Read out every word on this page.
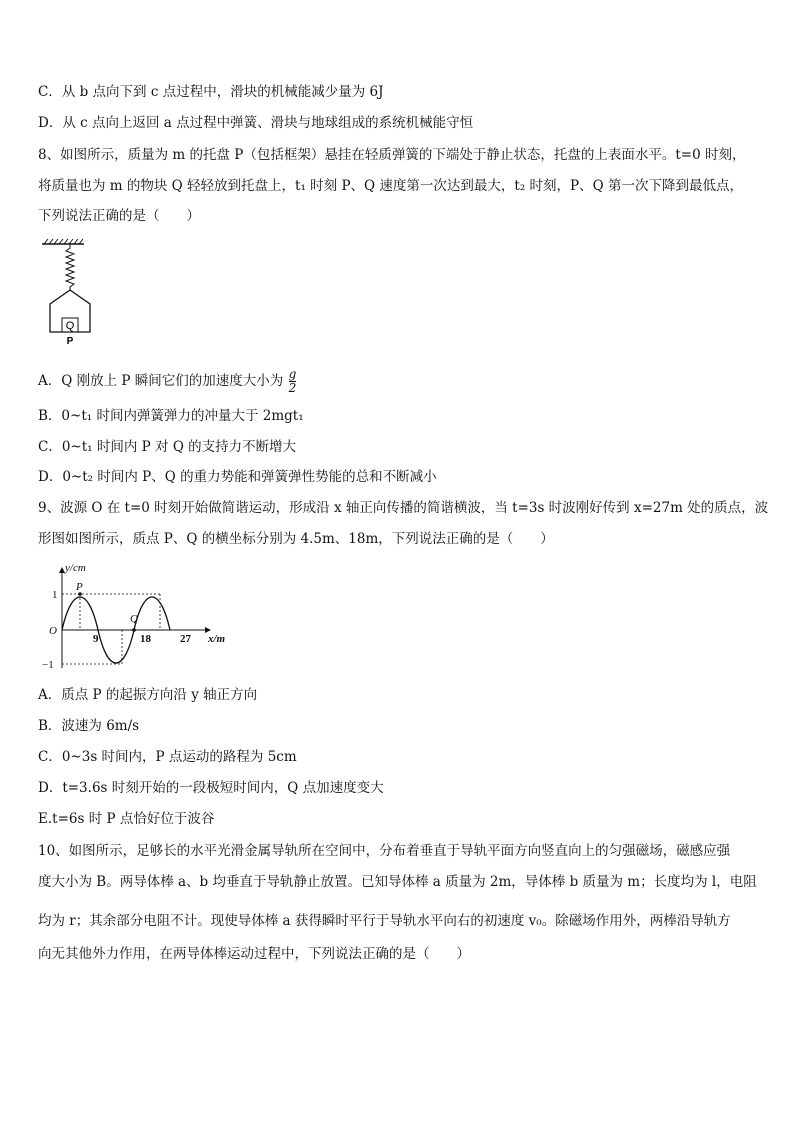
C．从 b 点向下到 c 点过程中，滑块的机械能减少量为 6J
D．从 c 点向上返回 a 点过程中弹簧、滑块与地球组成的系统机械能守恒
8、如图所示，质量为 m 的托盘 P（包括框架）悬挂在轻质弹簧的下端处于静止状态，托盘的上表面水平。t=0 时刻，
将质量也为 m 的物块 Q 轻轻放到托盘上，t₁ 时刻 P、Q 速度第一次达到最大，t₂ 时刻，P、Q 第一次下降到最低点，
下列说法正确的是（　　）
Q
P
A．Q 刚放上 P 瞬间它们的加速度大小为 $\frac{g}{2}$
B．0~t₁ 时间内弹簧弹力的冲量大于 2mgt₁
C．0~t₁ 时间内 P 对 Q 的支持力不断增大
D．0~t₂ 时间内 P、Q 的重力势能和弹簧弹性势能的总和不断减小
9、波源 O 在 t=0 时刻开始做简谐运动，形成沿 x 轴正向传播的简谐横波，当 t=3s 时波刚好传到 x=27m 处的质点，波
形图如图所示，质点 P、Q 的横坐标分别为 4.5m、18m，下列说法正确的是（　　）
y/cm
x/m
O
1
−1
9	18	27
P
Q
A．质点 P 的起振方向沿 y 轴正方向
B．波速为 6m/s
C．0~3s 时间内，P 点运动的路程为 5cm
D．t=3.6s 时刻开始的一段极短时间内，Q 点加速度变大
E.t=6s 时 P 点恰好位于波谷
10、如图所示，足够长的水平光滑金属导轨所在空间中，分布着垂直于导轨平面方向竖直向上的匀强磁场，磁感应强
度大小为 B。两导体棒 a、b 均垂直于导轨静止放置。已知导体棒 a 质量为 2m，导体棒 b 质量为 m；长度均为 l，电阻
均为 r；其余部分电阻不计。现使导体棒 a 获得瞬时平行于导轨水平向右的初速度 v₀。除磁场作用外，两棒沿导轨方
向无其他外力作用，在两导体棒运动过程中，下列说法正确的是（　　）
